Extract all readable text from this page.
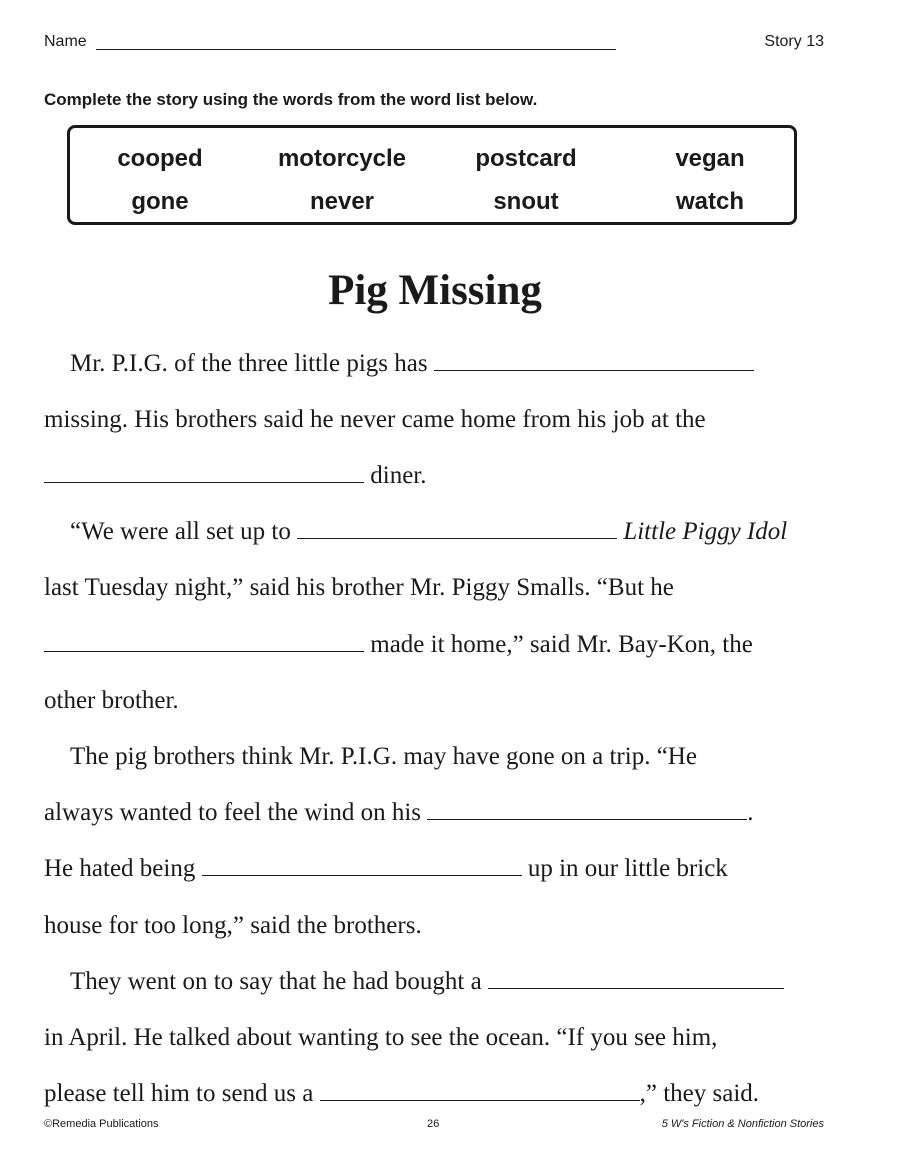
Name	Story 13
Complete the story using the words from the word list below.
cooped	motorcycle	postcard	vegan
gone	never	snout	watch
Pig Missing
Mr. P.I.G. of the three little pigs has
missing. His brothers said he never came home from his job at the
diner.
“We were all set up to	Little Piggy Idol
last Tuesday night,” said his brother Mr. Piggy Smalls. “But he
made it home,” said Mr. Bay-Kon, the
other brother.
The pig brothers think Mr. P.I.G. may have gone on a trip. “He
always wanted to feel the wind on his	.
He hated being	up in our little brick
house for too long,” said the brothers.
They went on to say that he had bought a
in April. He talked about wanting to see the ocean. “If you see him,
please tell him to send us a	,” they said.
©Remedia Publications	26	5 W's Fiction & Nonfiction Stories
